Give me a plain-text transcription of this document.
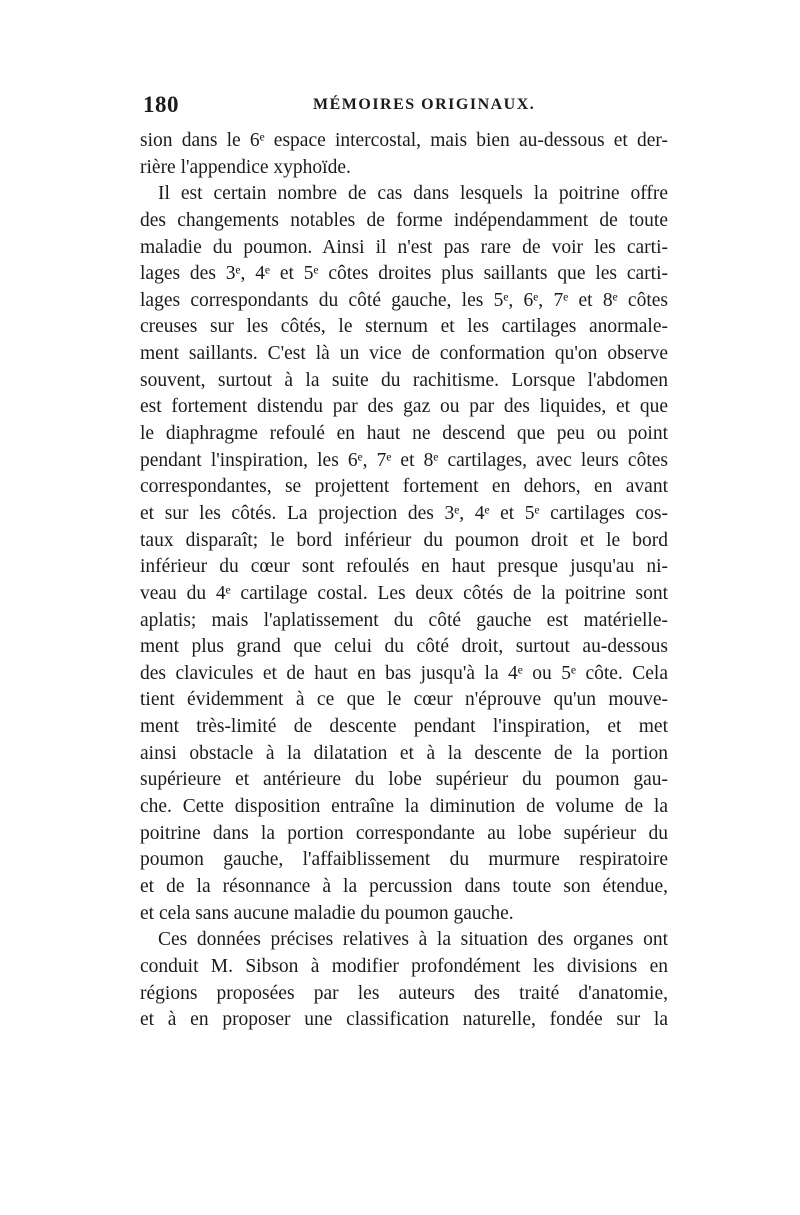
180	MÉMOIRES ORIGINAUX.
sion dans le 6ᵉ espace intercostal, mais bien au-dessous et der-
rière l'appendice xyphoïde.
Il est certain nombre de cas dans lesquels la poitrine offre
des changements notables de forme indépendamment de toute
maladie du poumon. Ainsi il n'est pas rare de voir les carti-
lages des 3ᵉ, 4ᵉ et 5ᵉ côtes droites plus saillants que les carti-
lages correspondants du côté gauche, les 5ᵉ, 6ᵉ, 7ᵉ et 8ᵉ côtes
creuses sur les côtés, le sternum et les cartilages anormale-
ment saillants. C'est là un vice de conformation qu'on observe
souvent, surtout à la suite du rachitisme. Lorsque l'abdomen
est fortement distendu par des gaz ou par des liquides, et que
le diaphragme refoulé en haut ne descend que peu ou point
pendant l'inspiration, les 6ᵉ, 7ᵉ et 8ᵉ cartilages, avec leurs côtes
correspondantes, se projettent fortement en dehors, en avant
et sur les côtés. La projection des 3ᵉ, 4ᵉ et 5ᵉ cartilages cos-
taux disparaît; le bord inférieur du poumon droit et le bord
inférieur du cœur sont refoulés en haut presque jusqu'au ni-
veau du 4ᵉ cartilage costal. Les deux côtés de la poitrine sont
aplatis; mais l'aplatissement du côté gauche est matérielle-
ment plus grand que celui du côté droit, surtout au-dessous
des clavicules et de haut en bas jusqu'à la 4ᵉ ou 5ᵉ côte. Cela
tient évidemment à ce que le cœur n'éprouve qu'un mouve-
ment très-limité de descente pendant l'inspiration, et met
ainsi obstacle à la dilatation et à la descente de la portion
supérieure et antérieure du lobe supérieur du poumon gau-
che. Cette disposition entraîne la diminution de volume de la
poitrine dans la portion correspondante au lobe supérieur du
poumon gauche, l'affaiblissement du murmure respiratoire
et de la résonnance à la percussion dans toute son étendue,
et cela sans aucune maladie du poumon gauche.
Ces données précises relatives à la situation des organes ont
conduit M. Sibson à modifier profondément les divisions en
régions proposées par les auteurs des traité d'anatomie,
et à en proposer une classification naturelle, fondée sur la
